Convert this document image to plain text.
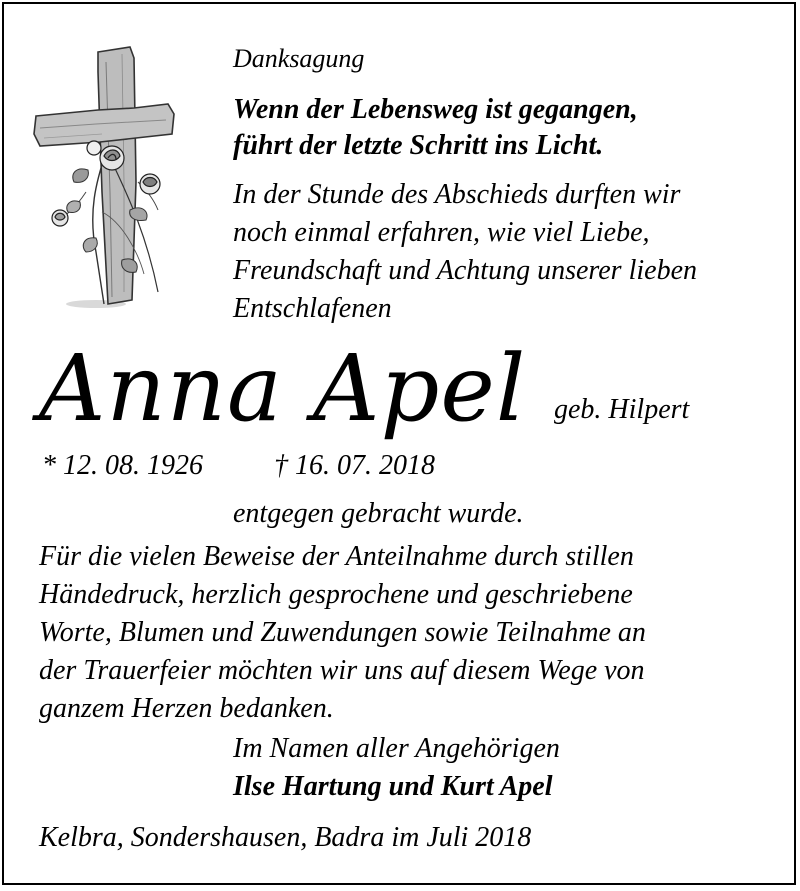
Danksagung
Wenn der Lebensweg ist gegangen,
führt der letzte Schritt ins Licht.
In der Stunde des Abschieds durften wir
noch einmal erfahren, wie viel Liebe,
Freundschaft und Achtung unserer lieben
Entschlafenen
Anna Apel geb. Hilpert
* 12. 08. 1926	† 16. 07. 2018
entgegen gebracht wurde.
Für die vielen Beweise der Anteilnahme durch stillen
Händedruck, herzlich gesprochene und geschriebene
Worte, Blumen und Zuwendungen sowie Teilnahme an
der Trauerfeier möchten wir uns auf diesem Wege von
ganzem Herzen bedanken.
Im Namen aller Angehörigen
Ilse Hartung und Kurt Apel
Kelbra, Sondershausen, Badra im Juli 2018
